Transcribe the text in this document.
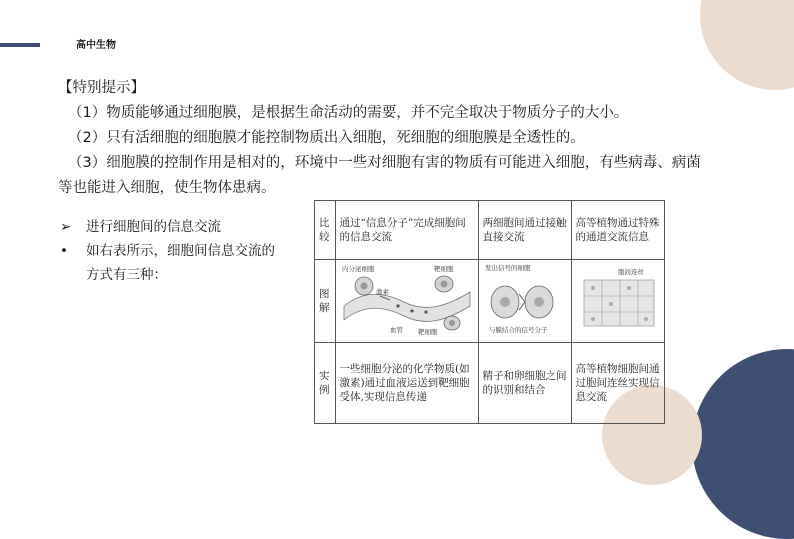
高中生物

【特别提示】

（1）物质能够通过细胞膜，是根据生命活动的需要，并不完全取决于物质分子的大小。

（2）只有活细胞的细胞膜才能控制物质出入细胞，死细胞的细胞膜是全透性的。

（3）细胞膜的控制作用是相对的，环境中一些对细胞有害的物质有可能进入细胞，有些病毒、病菌

等也能进入细胞，使生物体患病。

➢	进行细胞间的信息交流
•	如右表所示，细胞间信息交流的
方式有三种：
比
较	通过“信息分子”完成细胞间的信息交流	两细胞间通过接触直接交流	高等植物通过特殊的通道交流信息

图
解	内分泌细胞 靶细胞
激素
血管 靶细胞	发出信号的细胞
与膜结合的信号分子	胞间连丝

实
例	一些细胞分泌的化学物质(如激素)通过血液运送到靶细胞受体,实现信息传递	精子和卵细胞之间的识别和结合	高等植物细胞间通过胞间连丝实现信息交流
